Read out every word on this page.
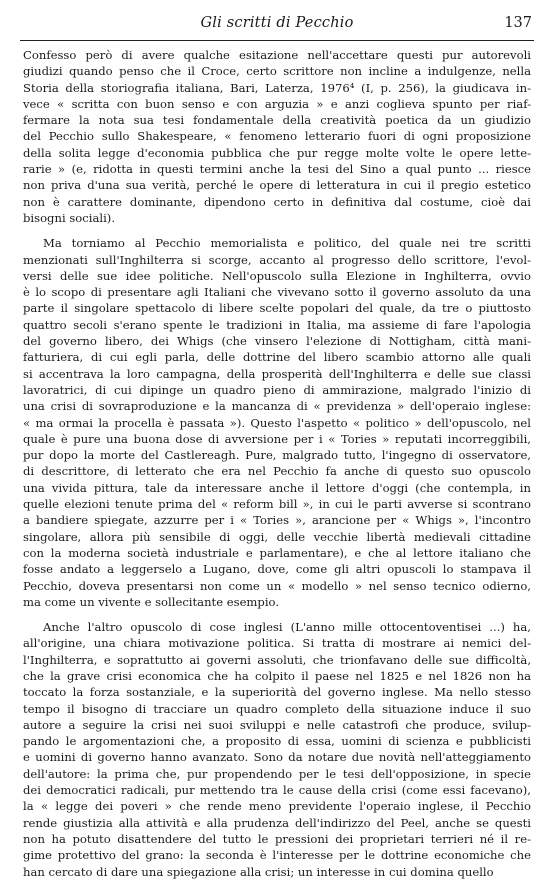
Gli scritti di Pecchio	137
Confesso però di avere qualche esitazione nell'accettare questi pur autorevoli
giudizi quando penso che il Croce, certo scrittore non incline a indulgenze, nella
Storia della storiografia italiana, Bari, Laterza, 1976⁴ (I, p. 256), la giudicava in-
vece « scritta con buon senso e con arguzia » e anzi coglieva spunto per riaf-
fermare la nota sua tesi fondamentale della creatività poetica da un giudizio
del Pecchio sullo Shakespeare, « fenomeno letterario fuori di ogni proposizione
della solita legge d'economia pubblica che pur regge molte volte le opere lette-
rarie » (e, ridotta in questi termini anche la tesi del Sino a qual punto ... riesce
non priva d'una sua verità, perché le opere di letteratura in cui il pregio estetico
non è carattere dominante, dipendono certo in definitiva dal costume, cioè dai
bisogni sociali).
Ma torniamo al Pecchio memorialista e politico, del quale nei tre scritti
menzionati sull'Inghilterra si scorge, accanto al progresso dello scrittore, l'evol-
versi delle sue idee politiche. Nell'opuscolo sulla Elezione in Inghilterra, ovvio
è lo scopo di presentare agli Italiani che vivevano sotto il governo assoluto da una
parte il singolare spettacolo di libere scelte popolari del quale, da tre o piuttosto
quattro secoli s'erano spente le tradizioni in Italia, ma assieme di fare l'apologia
del governo libero, dei Whigs (che vinsero l'elezione di Nottigham, città mani-
fatturiera, di cui egli parla, delle dottrine del libero scambio attorno alle quali
si accentrava la loro campagna, della prosperità dell'Inghilterra e delle sue classi
lavoratrici, di cui dipinge un quadro pieno di ammirazione, malgrado l'inizio di
una crisi di sovraproduzione e la mancanza di « previdenza » dell'operaio inglese:
« ma ormai la procella è passata »). Questo l'aspetto « politico » dell'opuscolo, nel
quale è pure una buona dose di avversione per i « Tories » reputati incorreggibili,
pur dopo la morte del Castlereagh. Pure, malgrado tutto, l'ingegno di osservatore,
di descrittore, di letterato che era nel Pecchio fa anche di questo suo opuscolo
una vivida pittura, tale da interessare anche il lettore d'oggi (che contempla, in
quelle elezioni tenute prima del « reform bill », in cui le parti avverse si scontrano
a bandiere spiegate, azzurre per i « Tories », arancione per « Whigs », l'incontro
singolare, allora più sensibile di oggi, delle vecchie libertà medievali cittadine
con la moderna società industriale e parlamentare), e che al lettore italiano che
fosse andato a leggerselo a Lugano, dove, come gli altri opuscoli lo stampava il
Pecchio, doveva presentarsi non come un « modello » nel senso tecnico odierno,
ma come un vivente e sollecitante esempio.
Anche l'altro opuscolo di cose inglesi (L'anno mille ottocentoventisei ...) ha,
all'origine, una chiara motivazione politica. Si tratta di mostrare ai nemici del-
l'Inghilterra, e soprattutto ai governi assoluti, che trionfavano delle sue difficoltà,
che la grave crisi economica che ha colpito il paese nel 1825 e nel 1826 non ha
toccato la forza sostanziale, e la superiorità del governo inglese. Ma nello stesso
tempo il bisogno di tracciare un quadro completo della situazione induce il suo
autore a seguire la crisi nei suoi sviluppi e nelle catastrofi che produce, svilup-
pando le argomentazioni che, a proposito di essa, uomini di scienza e pubblicisti
e uomini di governo hanno avanzato. Sono da notare due novità nell'atteggiamento
dell'autore: la prima che, pur propendendo per le tesi dell'opposizione, in specie
dei democratici radicali, pur mettendo tra le cause della crisi (come essi facevano),
la « legge dei poveri » che rende meno previdente l'operaio inglese, il Pecchio
rende giustizia alla attività e alla prudenza dell'indirizzo del Peel, anche se questi
non ha potuto disattendere del tutto le pressioni dei proprietari terrieri né il re-
gime protettivo del grano: la seconda è l'interesse per le dottrine economiche che
han cercato di dare una spiegazione alla crisi; un interesse in cui domina quello
